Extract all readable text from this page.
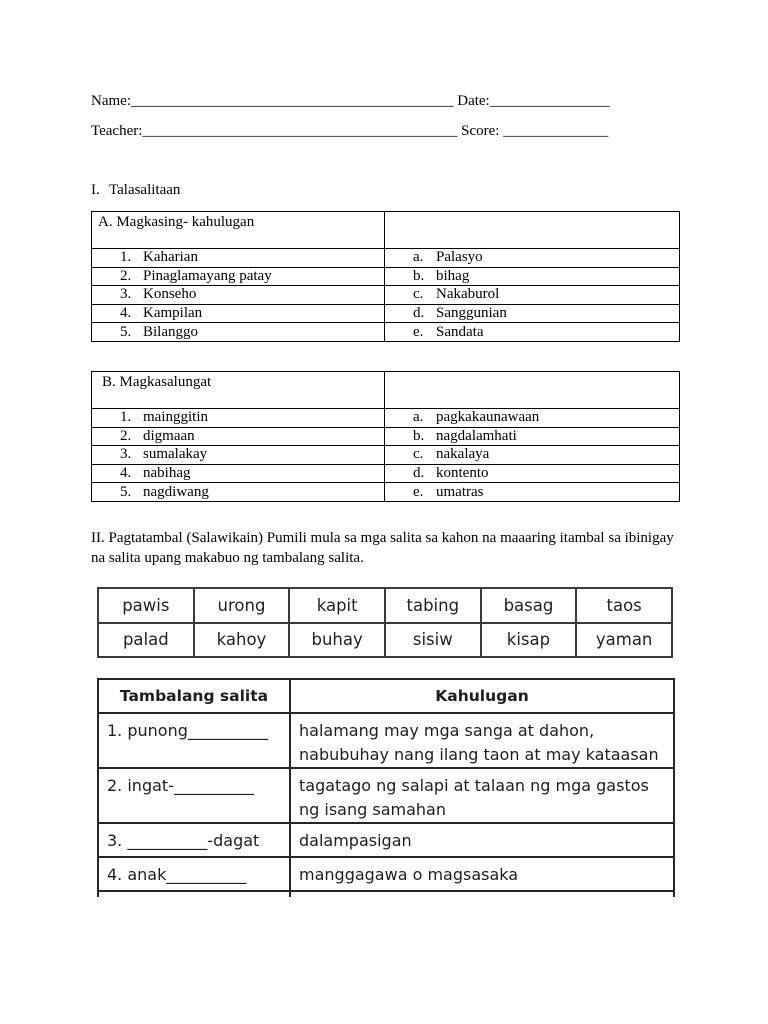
Name:___________________________________________ Date:________________
Teacher:__________________________________________ Score: ______________
I. Talasalitaan
A. Magkasing- kahulugan	
1. Kaharian	a. Palasyo
2. Pinaglamayang patay	b. bihag
3. Konseho	c. Nakaburol
4. Kampilan	d. Sanggunian
5. Bilanggo	e. Sandata
B. Magkasalungat	
1. mainggitin	a. pagkakaunawaan
2. digmaan	b. nagdalamhati
3. sumalakay	c. nakalaya
4. nabihag	d. kontento
5. nagdiwang	e. umatras
II. Pagtatambal (Salawikain) Pumili mula sa mga salita sa kahon na maaaring itambal sa ibinigay
na salita upang makabuo ng tambalang salita.
pawis	urong	kapit	tabing	basag	taos
palad	kahoy	buhay	sisiw	kisap	yaman
Tambalang salita	Kahulugan
1. punong__________	halamang may mga sanga at dahon,
nabubuhay nang ilang taon at may kataasan

2. ingat-__________	tagatago ng salapi at talaan ng mga gastos
ng isang samahan

3. __________-dagat	dalampasigan

4. anak__________	manggagawa o magsasaka
